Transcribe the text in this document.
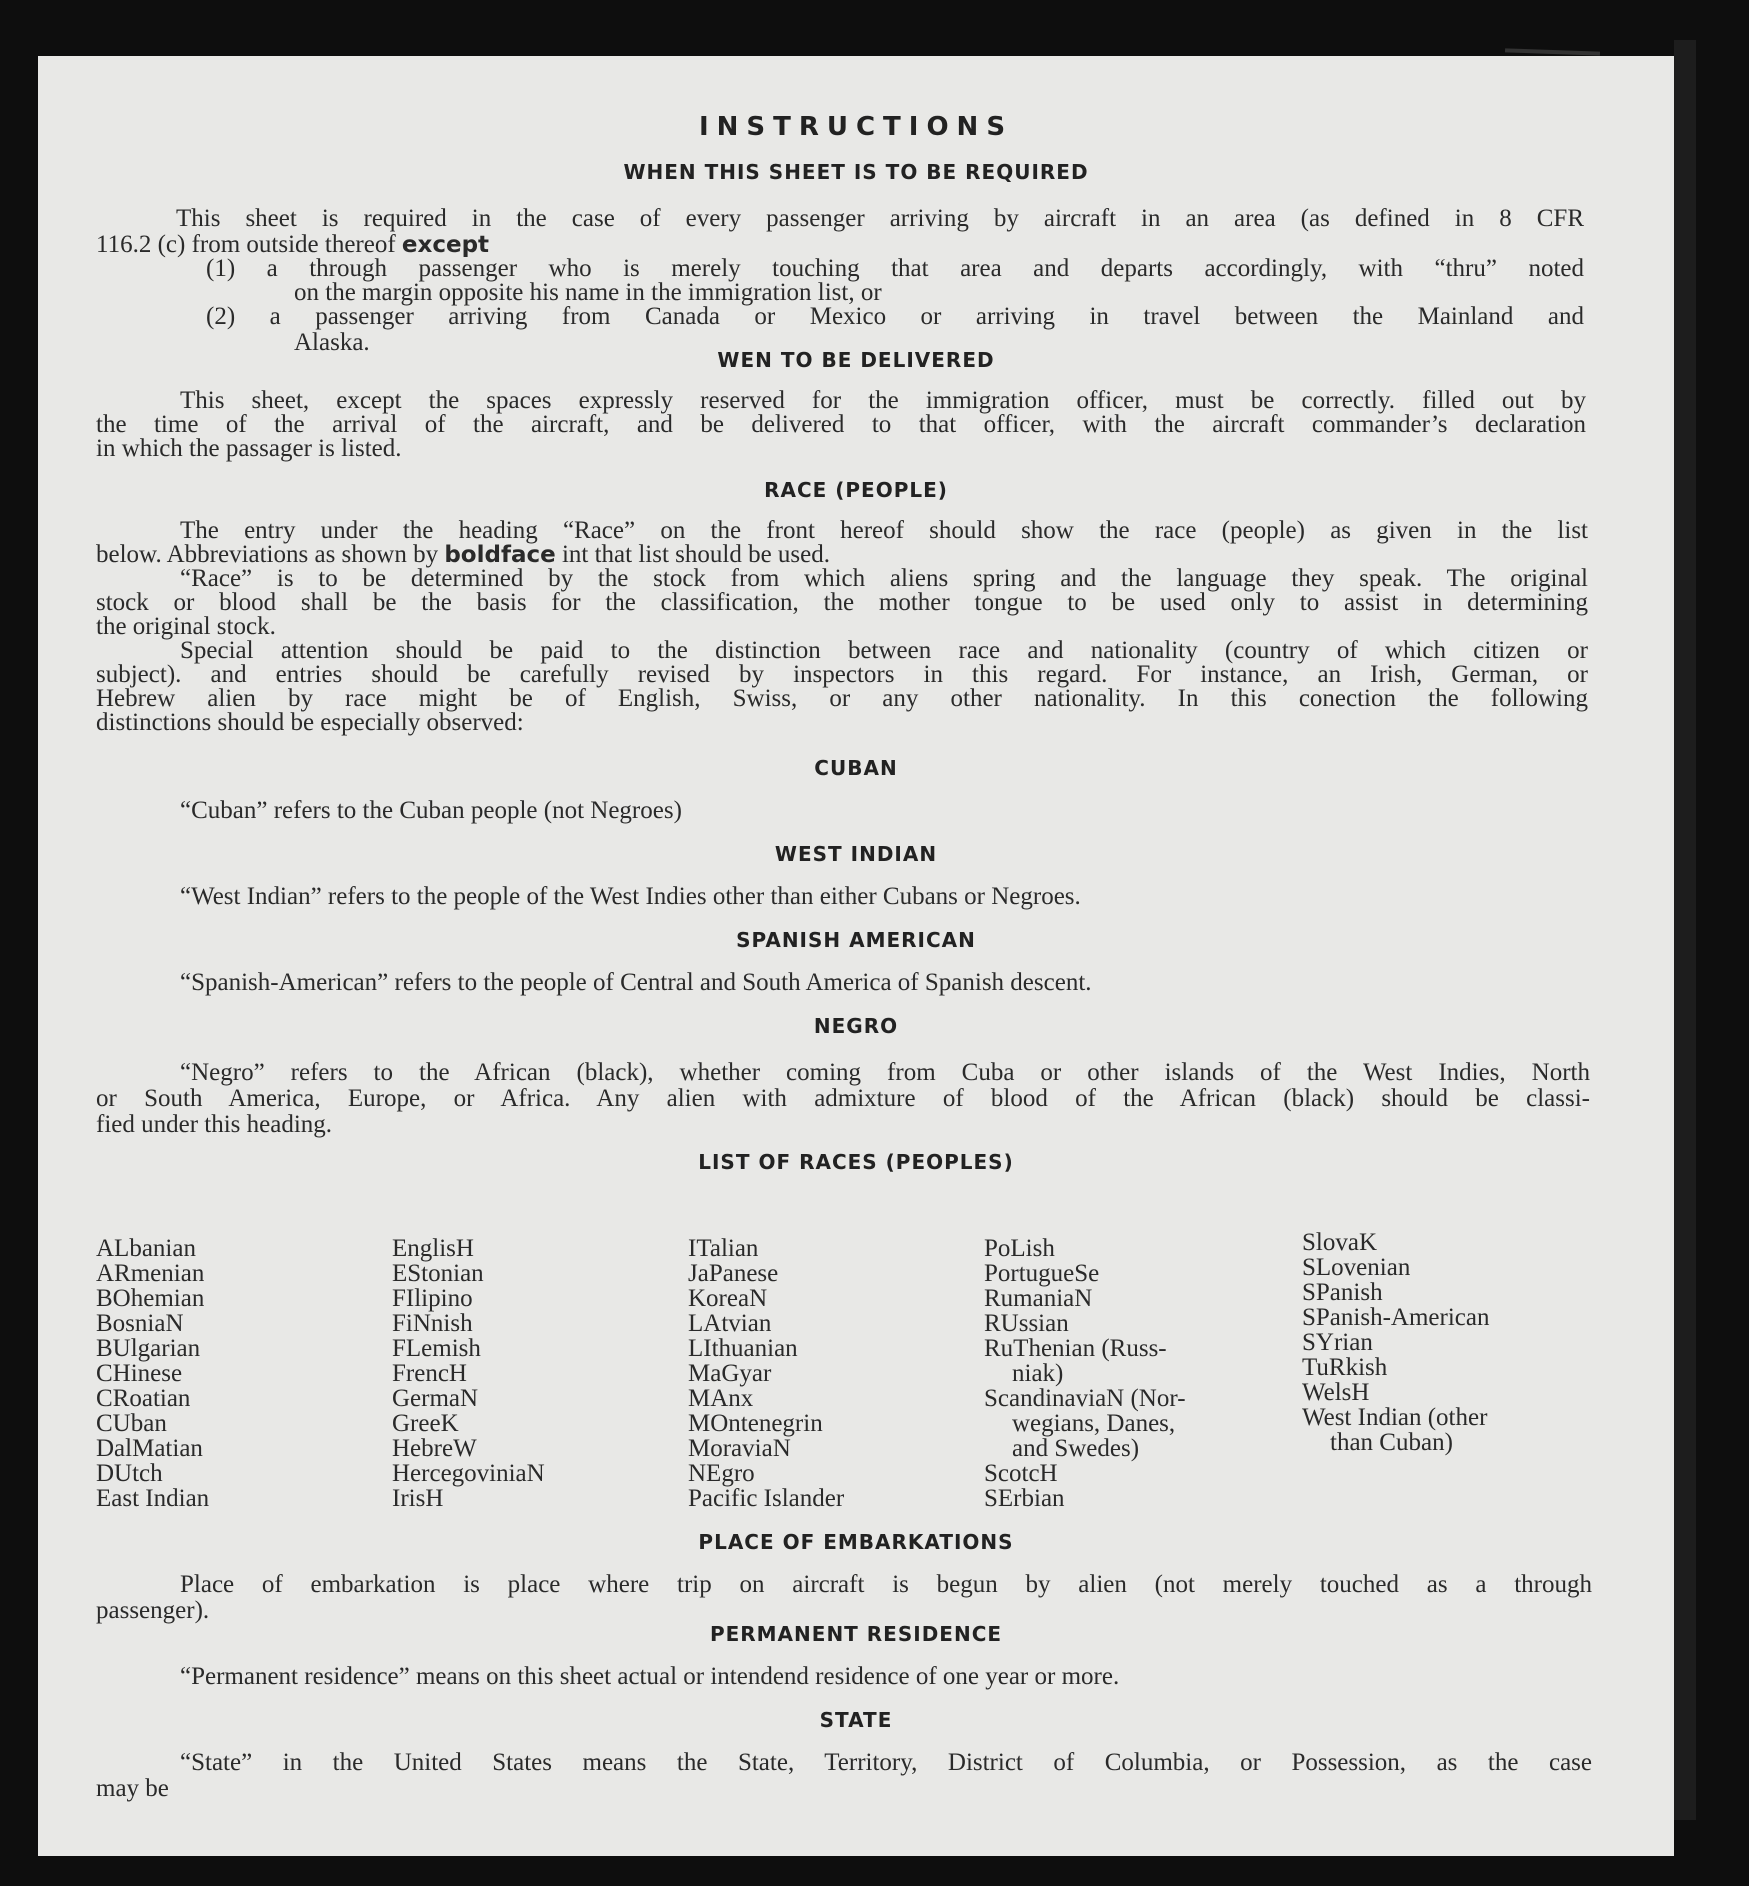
INSTRUCTIONS
WHEN THIS SHEET IS TO BE REQUIRED
This sheet is required in the case of every passenger arriving by aircraft in an area (as defined in 8 CFR
116.2 (c) from outside thereof except
(1) a through passenger who is merely touching that area and departs accordingly, with “thru” noted
on the margin opposite his name in the immigration list, or
(2) a passenger arriving from Canada or Mexico or arriving in travel between the Mainland and
Alaska.
WEN TO BE DELIVERED
This sheet, except the spaces expressly reserved for the immigration officer, must be correctly. filled out by
the time of the arrival of the aircraft, and be delivered to that officer, with the aircraft commander’s declaration
in which the passager is listed.
RACE (PEOPLE)
The entry under the heading “Race” on the front hereof should show the race (people) as given in the list
below. Abbreviations as shown by boldface int that list should be used.
“Race” is to be determined by the stock from which aliens spring and the language they speak. The original
stock or blood shall be the basis for the classification, the mother tongue to be used only to assist in determining
the original stock.
Special attention should be paid to the distinction between race and nationality (country of which citizen or
subject). and entries should be carefully revised by inspectors in this regard. For instance, an Irish, German, or
Hebrew alien by race might be of English, Swiss, or any other nationality. In this conection the following
distinctions should be especially observed:
CUBAN
“Cuban” refers to the Cuban people (not Negroes)
WEST INDIAN
“West Indian” refers to the people of the West Indies other than either Cubans or Negroes.
SPANISH AMERICAN
“Spanish-American” refers to the people of Central and South America of Spanish descent.
NEGRO
“Negro” refers to the African (black), whether coming from Cuba or other islands of the West Indies, North
or South America, Europe, or Africa. Any alien with admixture of blood of the African (black) should be classi-
fied under this heading.
LIST OF RACES (PEOPLES)
ALbanian
ARmenian
BOhemian
BosniaN
BUlgarian
CHinese
CRoatian
CUban
DalMatian
DUtch
East Indian
EnglisH
EStonian
FIlipino
FiNnish
FLemish
FrencH
GermaN
GreeK
HebreW
HercegoviniaN
IrisH
ITalian
JaPanese
KoreaN
LAtvian
LIthuanian
MaGyar
MAnx
MOntenegrin
MoraviaN
NEgro
Pacific Islander
PoLish
PortugueSe
RumaniaN
RUssian
RuThenian (Russ-
niak)
ScandinaviaN (Nor-
wegians, Danes,
and Swedes)
ScotcH
SErbian
SlovaK
SLovenian
SPanish
SPanish-American
SYrian
TuRkish
WelsH
West Indian (other
than Cuban)
PLACE OF EMBARKATIONS
Place of embarkation is place where trip on aircraft is begun by alien (not merely touched as a through
passenger).
PERMANENT RESIDENCE
“Permanent residence” means on this sheet actual or intendend residence of one year or more.
STATE
“State” in the United States means the State, Territory, District of Columbia, or Possession, as the case
may be
